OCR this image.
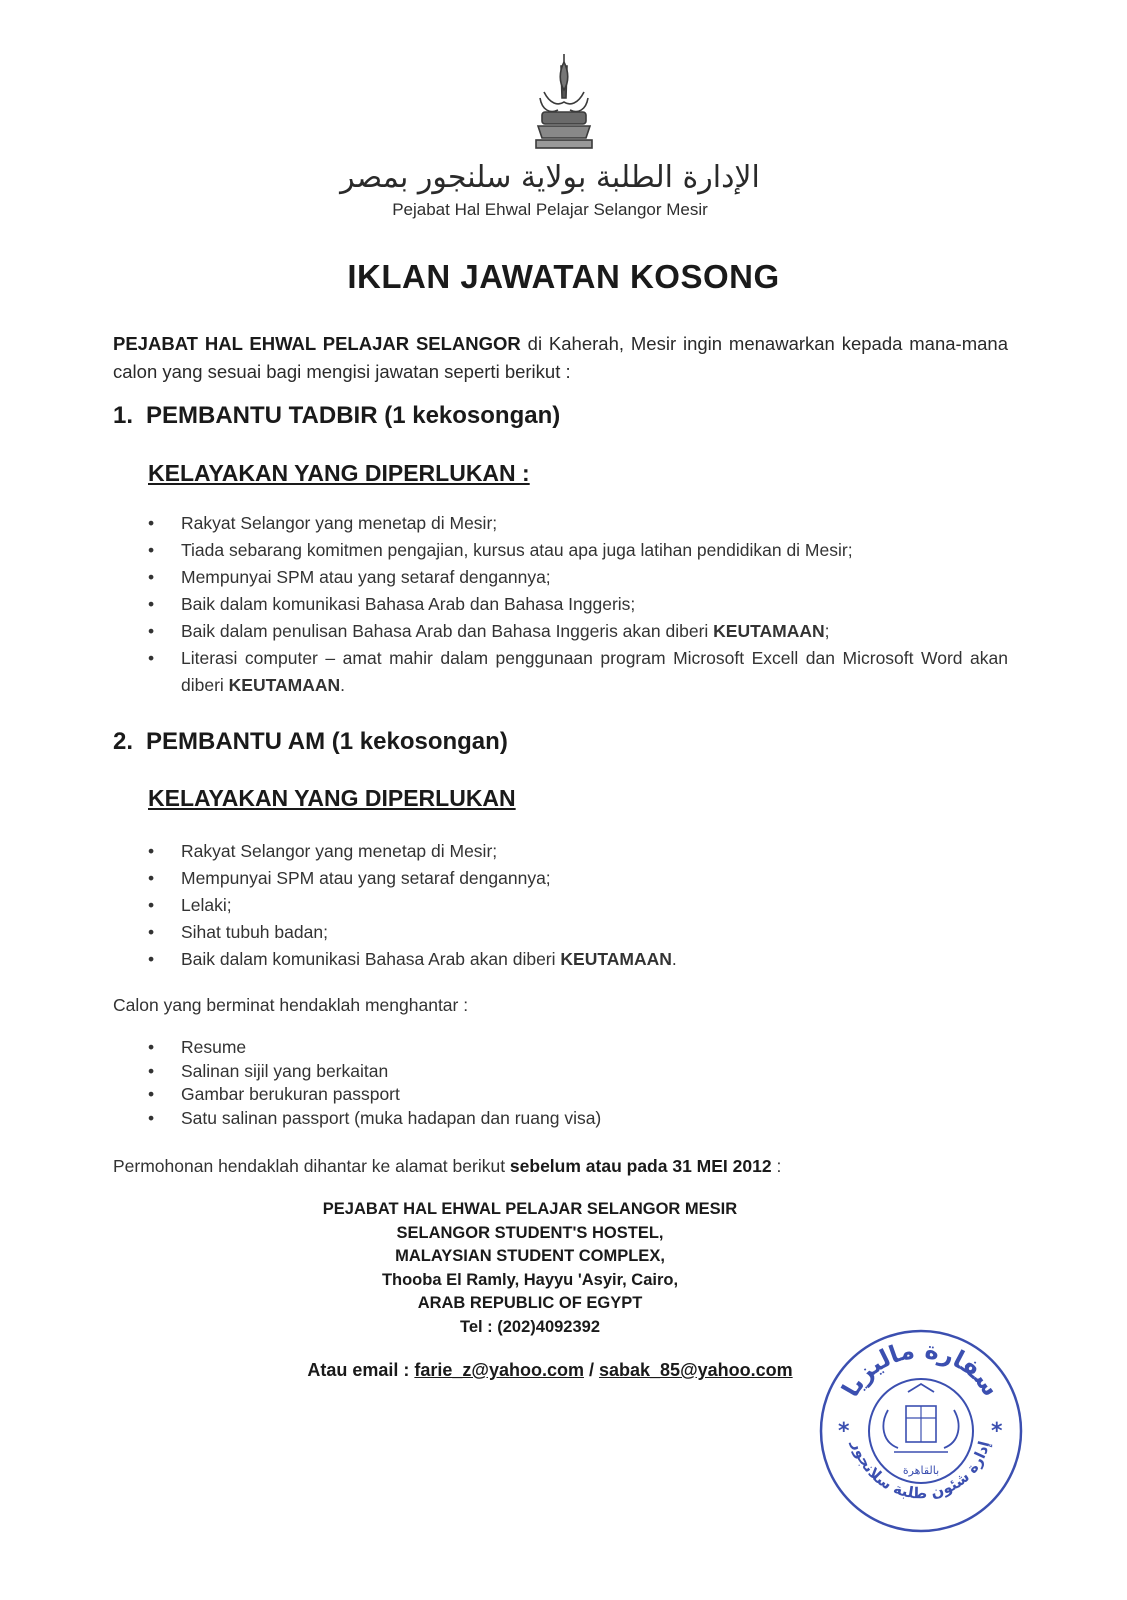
الإدارة الطلبة بولاية سلنجور بمصر
Pejabat Hal Ehwal Pelajar Selangor Mesir
IKLAN JAWATAN KOSONG
PEJABAT HAL EHWAL PELAJAR SELANGOR di Kaherah, Mesir ingin menawarkan kepada mana-mana calon yang sesuai bagi mengisi jawatan seperti berikut :
1. PEMBANTU TADBIR (1 kekosongan)
KELAYAKAN YANG DIPERLUKAN :
• Rakyat Selangor yang menetap di Mesir;
• Tiada sebarang komitmen pengajian, kursus atau apa juga latihan pendidikan di Mesir;
• Mempunyai SPM atau yang setaraf dengannya;
• Baik dalam komunikasi Bahasa Arab dan Bahasa Inggeris;
• Baik dalam penulisan Bahasa Arab dan Bahasa Inggeris akan diberi KEUTAMAAN;
• Literasi computer – amat mahir dalam penggunaan program Microsoft Excell dan Microsoft Word akan diberi KEUTAMAAN.
2. PEMBANTU AM (1 kekosongan)
KELAYAKAN YANG DIPERLUKAN
• Rakyat Selangor yang menetap di Mesir;
• Mempunyai SPM atau yang setaraf dengannya;
• Lelaki;
• Sihat tubuh badan;
• Baik dalam komunikasi Bahasa Arab akan diberi KEUTAMAAN.
Calon yang berminat hendaklah menghantar :
• Resume
• Salinan sijil yang berkaitan
• Gambar berukuran passport
• Satu salinan passport (muka hadapan dan ruang visa)
Permohonan hendaklah dihantar ke alamat berikut sebelum atau pada 31 MEI 2012 :
PEJABAT HAL EHWAL PELAJAR SELANGOR MESIR
SELANGOR STUDENT'S HOSTEL,
MALAYSIAN STUDENT COMPLEX,
Thooba El Ramly, Hayyu 'Asyir, Cairo,
ARAB REPUBLIC OF EGYPT
Tel : (202)4092392
Atau email : farie_z@yahoo.com / sabak_85@yahoo.com
سفارة ماليزيا
إدارة شئون طلبة سلانجور
بالقاهرة
*	*
